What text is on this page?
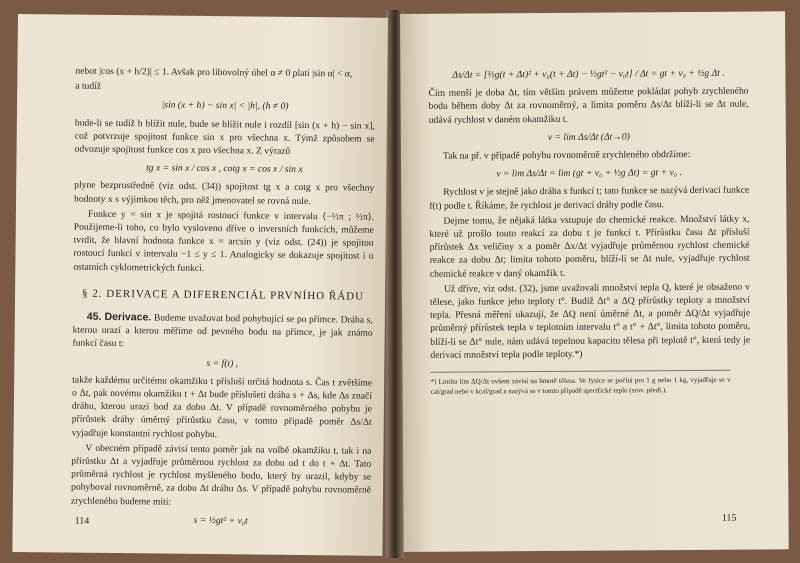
nebot |cos (x + h/2)| ≤ 1. Avšak pro libovolný úhel α ≠ 0 platí |sin α| < α,

a tudíž

|sin (x + h) − sin x| < |h|, (h ≠ 0)

bude-li se tudíž h blížit nule, bude se blížit nule i rozdíl [sin (x + h) − sin x], což potvrzuje spojitost funkce sin x pro všechna x. Týmž způsobem se odvozuje spojitost funkce cos x pro všechna x. Z výrazů

tg x = sin x / cos x , cotg x = cos x / sin x

plyne bezprostředně (viz odst. (34)) spojitost tg x a cotg x pro všechny hodnoty x s výjimkou těch, pro něž jmenovatel se rovná nule.

Funkce y = sin x je spojitá rostoucí funkce v intervalu ⟨−½π ; ½π⟩. Použijeme-li toho, co bylo vysloveno dříve o inversních funkcích, můžeme tvrdit, že hlavní hodnota funkce x = arcsin y (viz odst. (24)) je spojitou rostoucí funkcí v intervalu −1 ≤ y ≤ 1. Analogicky se dokazuje spojitost i u ostatních cyklometrických funkcí.

§ 2. DERIVACE A DIFERENCIÁL PRVNÍHO ŘÁDU

45. Derivace. Budeme uvažovat bod pohybující se po přímce. Dráha s, kterou urazí a kterou měříme od pevného bodu na přímce, je jak známo funkcí času t:

s = f(t) ,

takže každému určitému okamžiku t přísluší určitá hodnota s. Čas t zvětšíme o Δt, pak novému okamžiku t + Δt bude příslušeti dráha s + Δs, kde Δs značí dráhu, kterou urazí bod za dobu Δt. V případě rovnoměrného pohybu je přírůstek dráhy úměrný přírůstku času, v tomto případě poměr Δs/Δt vyjadřuje konstantní rychlost pohybu.

V obecném případě závisí tento poměr jak na volbě okamžiku t, tak i na přírůstku Δt a vyjadřuje průměrnou rychlost za dobu od t do t + Δt. Tato průměrná rychlost je rychlost myšleného bodu, který by urazil, kdyby se pohyboval rovnoměrně, za dobu Δt dráhu Δs. V případě pohybu rovnoměrně zrychleného budeme míti:

s = ½gt² + v₀t

114

Δs/Δt = [½g(t + Δt)² + v₀(t + Δt) − ½gt² − v₀t] / Δt = gt + v₀ + ½g Δt .

Čím menší je doba Δt, tím větším právem můžeme pokládat pohyb zrychleného bodu během doby Δt za rovnoměrný, a limita poměru Δs/Δt blíží-li se Δt nule, udává rychlost v daném okamžiku t.

v = lim Δs/Δt (Δt→0)

Tak na př. v případě pohybu rovnoměrně zrychleného obdržíme:

v = lim Δs/Δt = lim (gt + v₀ + ½g Δt) = gt + v₀ .

Rychlost v je stejně jako dráha s funkcí t; tato funkce se nazývá derivací funkce f(t) podle t. Říkáme, že rychlost je derivací dráhy podle času.

Dejme tomu, že nějaká látka vstupuje do chemické reakce. Množství látky x, které už prošlo touto reakcí za dobu t je funkcí t. Přírůstku času Δt přísluší přírůstek Δx veličiny x a poměr Δx/Δt vyjadřuje průměrnou rychlost chemické reakce za dobu Δt; limita tohoto poměru, blíží-li se Δt nule, vyjadřuje rychlost chemické reakce v daný okamžik t.

Už dříve, viz odst. (32), jsme uvažovali množství tepla Q, které je obsaženo v tělese, jako funkce jeho teploty t°. Budiž Δt° a ΔQ přírůstky teploty a množství tepla. Přesná měření ukazují, že ΔQ není úměrné Δt, a poměr ΔQ/Δt vyjadřuje průměrný přírůstek tepla v teplotním intervalu t° a t° + Δt°, limita tohoto poměru, blíží-li se Δt° nule, nám udává tepelnou kapacitu tělesa při teplotě t°, která tedy je derivací množství tepla podle teploty.*)

*) Limita lim ΔQ/Δt ovšem závisí na hmotě tělesa. Ve fysice se počítá pro 1 g nebo 1 kg, vyjadřuje se v cal/grad nebo v kcal/grad a nazývá se v tomto případě specifické teplo (srov. předl.).
115
